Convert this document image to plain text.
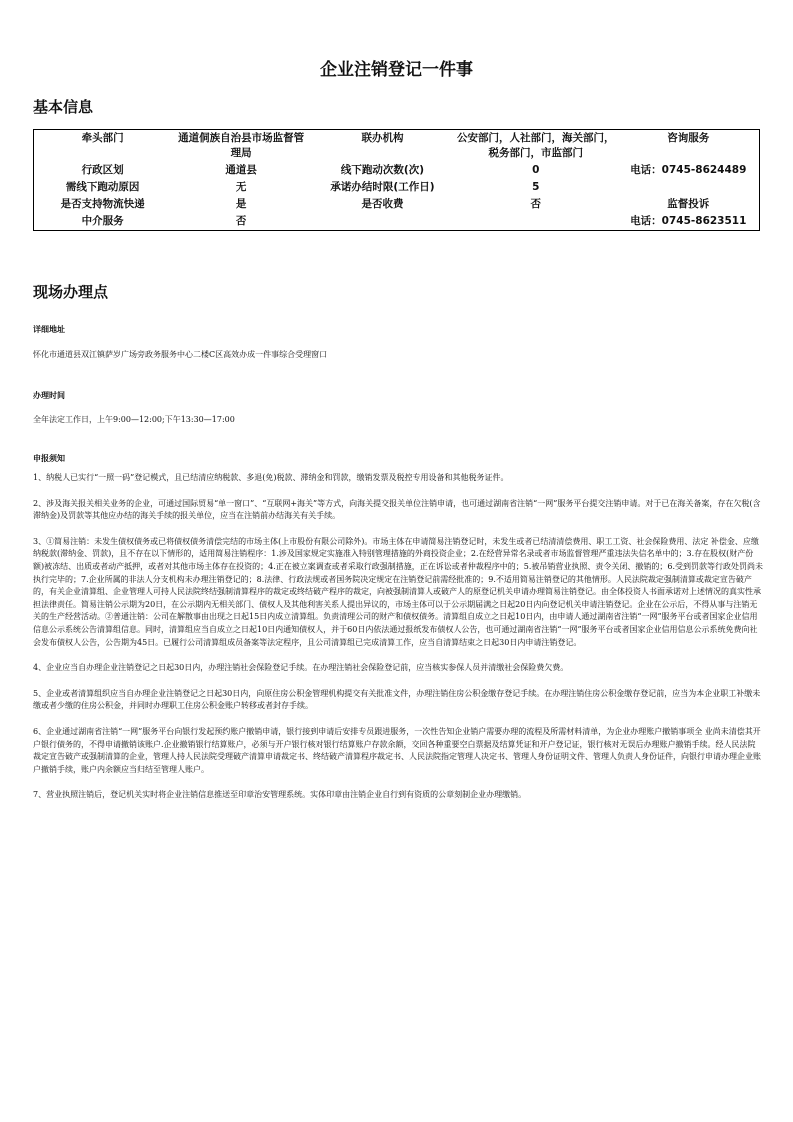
企业注销登记一件事
基本信息
牵头部门	通道侗族自治县市场监督管理局	联办机构	公安部门，人社部门，海关部门，税务部门，市监部门	咨询服务
行政区划	通道县	线下跑动次数(次)	0	电话：0745-8624489
需线下跑动原因	无	承诺办结时限(工作日)	5	
是否支持物流快递	是	是否收费	否	监督投诉
中介服务	否			电话：0745-8623511
现场办理点
详细地址
怀化市通道县双江镇萨岁广场旁政务服务中心二楼C区高效办成一件事综合受理窗口
办理时间
全年法定工作日，上午9:00—12:00;下午13:30—17:00
申报须知

1、纳税人已实行“一照一码”登记模式，且已结清应纳税款、多退(免)税款、滞纳金和罚款，缴销发票及税控专用设备和其他税务证件。

2、涉及海关报关相关业务的企业，可通过国际贸易“单一窗口”、“互联网+海关”等方式，向海关提交报关单位注销申请，也可通过湖南省注销“一网”服务平台提交注销申请。对于已在海关备案，存在欠税(含滞纳金)及罚款等其他应办结的海关手续的报关单位，应当在注销前办结海关有关手续。

3、①简易注销：未发生债权债务或已将债权债务清偿完结的市场主体(上市股份有限公司除外)。市场主体在申请简易注销登记时，未发生或者已结清清偿费用、职工工资、社会保险费用、法定 补偿金、应缴纳税款(滞纳金、罚款)，且不存在以下情形的，适用简易注销程序：1.涉及国家规定实施准入特别管理措施的外商投资企业；2.在经营异常名录或者市场监督管理严重违法失信名单中的；3.存在股权(财产份额)被冻结、出质或者动产抵押，或者对其他市场主体存在投资的；4.正在被立案调查或者采取行政强制措施，正在诉讼或者仲裁程序中的；5.被吊销营业执照、责令关闭、撤销的；6.受到罚款等行政处罚尚未执行完毕的；7.企业所属的非法人分支机构未办理注销登记的；8.法律、行政法规或者国务院决定规定在注销登记前需经批准的；9.不适用简易注销登记的其他情形。人民法院裁定强制清算或裁定宣告破产的，有关企业清算组、企业管理人可持人民法院终结强制清算程序的裁定或终结破产程序的裁定，向被强制清算人或破产人的原登记机关申请办理简易注销登记。由全体投资人书面承诺对上述情况的真实性承担法律责任。简易注销公示期为20日，在公示期内无相关部门、债权人及其他利害关系人提出异议的，市场主体可以于公示期届满之日起20日内向登记机关申请注销登记。企业在公示后，不得从事与注销无关的生产经营活动。②普通注销：公司在解散事由出现之日起15日内成立清算组。负责清理公司的财产和债权债务。清算组自成立之日起10日内，由申请人通过湖南省注销“一网”服务平台或者国家企业信用信息公示系统公告清算组信息。同时，清算组应当自成立之日起10日内通知债权人，并于60日内依法通过报纸发布债权人公告，也可通过湖南省注销“一网”服务平台或者国家企业信用信息公示系统免费向社会发布债权人公告，公告期为45日。已履行公司清算组成员备案等法定程序，且公司清算组已完成清算工作，应当自清算结束之日起30日内申请注销登记。

4、企业应当自办理企业注销登记之日起30日内，办理注销社会保险登记手续。在办理注销社会保险登记前，应当核实参保人员并清缴社会保险费欠费。

5、企业或者清算组织应当自办理企业注销登记之日起30日内，向原住房公积金管理机构提交有关批准文件，办理注销住房公积金缴存登记手续。在办理注销住房公积金缴存登记前，应当为本企业职工补缴未缴或者少缴的住房公积金，并同时办理职工住房公积金账户转移或者封存手续。

6、企业通过湖南省注销“一网”服务平台向银行发起预约账户撤销申请，银行接到申请后安排专员跟进服务，一次性告知企业销户需要办理的流程及所需材料清单，为企业办理账户撤销事项全 业尚未清偿其开户银行债务的，不得申请撤销该账户.企业撤销银行结算账户，必须与开户银行核对银行结算账户存款余额，交回各种重要空白票据及结算凭证和开户登记证，银行核对无误后办理账户撤销手续。经人民法院裁定宣告破产或强制清算的企业，管理人持人民法院受理破产清算申请裁定书、终结破产清算程序裁定书、人民法院指定管理人决定书、管理人身份证明文件、管理人负责人身份证件，向银行申请办理企业账户撤销手续，账户内余额应当归结至管理人账户。

7、营业执照注销后，登记机关实时将企业注销信息推送至印章治安管理系统。实体印章由注销企业自行到有资质的公章刻制企业办理缴销。
